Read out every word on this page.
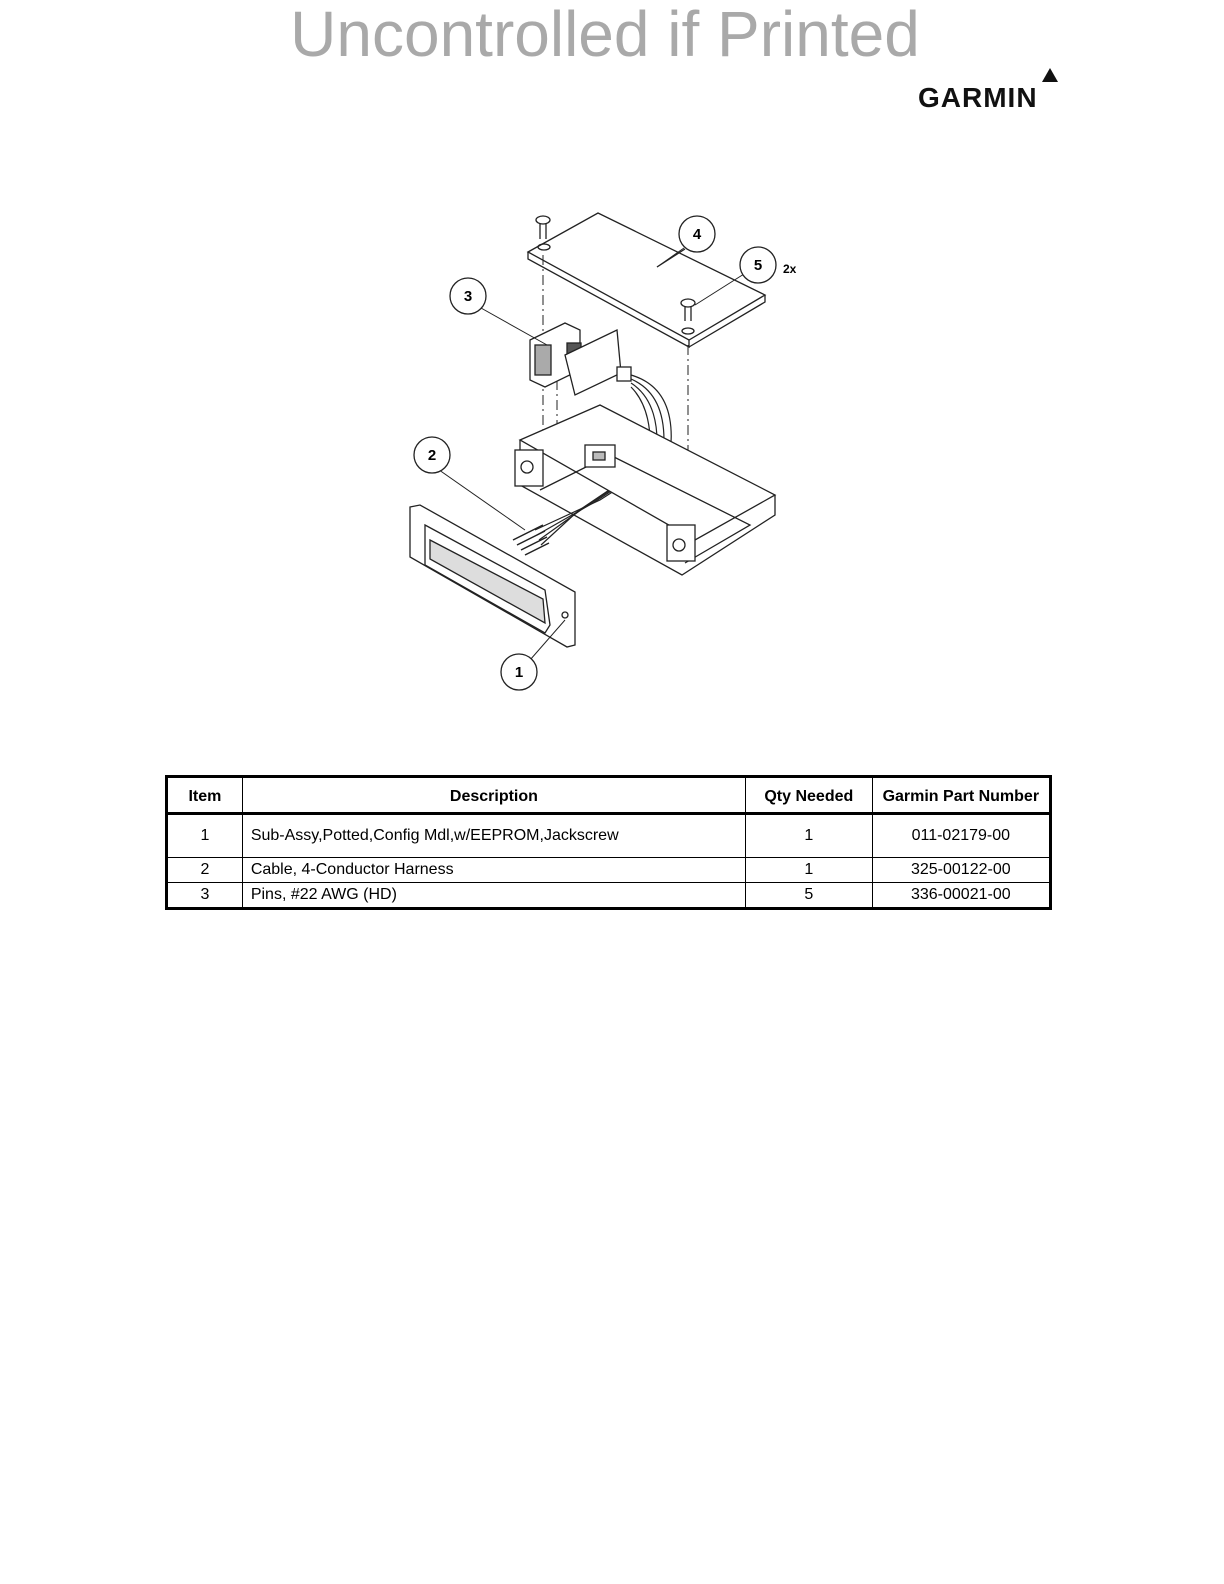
Uncontrolled if Printed
GARMIN
1
2
3
4
5 2x
Item	Description	Qty Needed	Garmin Part Number
1	Sub-Assy,Potted,Config Mdl,w/EEPROM,Jackscrew	1	011-02179-00
2	Cable, 4-Conductor Harness	1	325-00122-00
3	Pins, #22 AWG (HD)	5	336-00021-00
